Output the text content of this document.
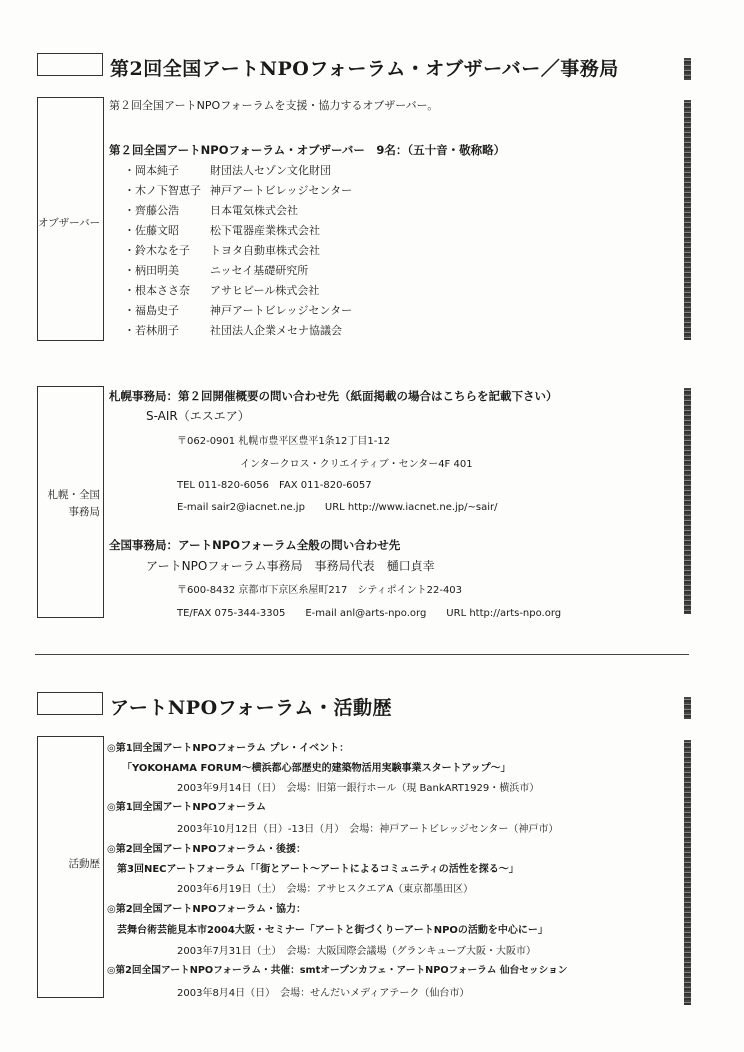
第2回全国アートNPOフォーラム・オブザーバー／事務局
オブザーバー
第２回全国アートNPOフォーラムを支援・協力するオブザーバー。
第２回全国アートNPOフォーラム・オブザーバー　9名：（五十音・敬称略）
・岡本純子	財団法人セゾン文化財団
・木ノ下智恵子 神戸アートビレッジセンター
・齊藤公浩	日本電気株式会社
・佐藤文昭	松下電器産業株式会社
・鈴木なを子 トヨタ自動車株式会社
・柄田明美	ニッセイ基礎研究所
・根本ささ奈 アサヒビール株式会社
・福島史子	神戸アートビレッジセンター
・若林朋子	社団法人企業メセナ協議会
札幌・全国
事務局
札幌事務局：第２回開催概要の問い合わせ先（紙面掲載の場合はこちらを記載下さい）
S-AIR（エスエア）
〒062-0901 札幌市豊平区豊平1条12丁目1-12
インタークロス・クリエイティブ・センター4F 401
TEL 011-820-6056　FAX 011-820-6057
E-mail sair2@iacnet.ne.jp　　URL http://www.iacnet.ne.jp/~sair/
全国事務局：アートNPOフォーラム全般の問い合わせ先
アートNPOフォーラム事務局　事務局代表　樋口貞幸
〒600-8432 京都市下京区糸屋町217　シティポイント22-403
TE/FAX 075-344-3305　　E-mail anl@arts-npo.org　　URL http://arts-npo.org
アートNPOフォーラム・活動歴
活動歴
◎第1回全国アートNPOフォーラム プレ・イベント：
「YOKOHAMA FORUM～横浜都心部歴史的建築物活用実験事業スタートアップ～」
2003年9月14日（日）　会場：旧第一銀行ホール（現 BankART1929・横浜市）
◎第1回全国アートNPOフォーラム
2003年10月12日（日）-13日（月）　会場：神戸アートビレッジセンター（神戸市）
◎第2回全国アートNPOフォーラム・後援：
第3回NECアートフォーラム「「街とアート～アートによるコミュニティの活性を探る～」
2003年6月19日（土）　会場：アサヒスクエアA（東京都墨田区）
◎第2回全国アートNPOフォーラム・協力：
芸舞台術芸能見本市2004大阪・セミナー「アートと街づくりーアートNPOの活動を中心にー」
2003年7月31日（土）　会場：大阪国際会議場（グランキューブ大阪・大阪市）
◎第2回全国アートNPOフォーラム・共催：smtオープンカフェ・アートNPOフォーラム 仙台セッション
2003年8月4日（日）　会場：せんだいメディアテーク（仙台市）
